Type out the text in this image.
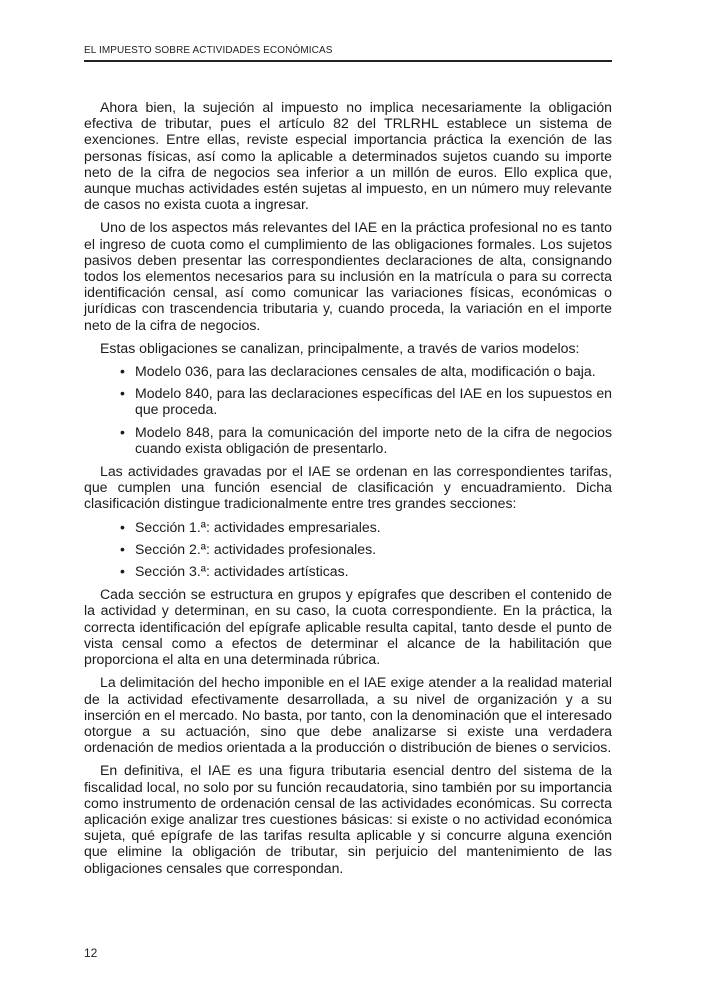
EL IMPUESTO SOBRE ACTIVIDADES ECONÓMICAS

Ahora bien, la sujeción al impuesto no implica necesariamente la obligación efectiva de tributar, pues el artículo 82 del TRLRHL establece un sistema de exenciones. Entre ellas, reviste especial importancia práctica la exención de las personas físicas, así como la aplicable a determinados sujetos cuando su importe neto de la cifra de negocios sea inferior a un millón de euros. Ello explica que, aunque muchas actividades estén sujetas al impuesto, en un número muy relevante de casos no exista cuota a ingresar.

Uno de los aspectos más relevantes del IAE en la práctica profesional no es tanto el ingreso de cuota como el cumplimiento de las obligaciones formales. Los sujetos pasivos deben presentar las correspondientes declaraciones de alta, consignando todos los elementos necesarios para su inclusión en la matrícula o para su correcta identificación censal, así como comunicar las variaciones físicas, económicas o jurídicas con trascendencia tributaria y, cuando proceda, la variación en el importe neto de la cifra de negocios.

Estas obligaciones se canalizan, principalmente, a través de varios modelos:

• Modelo 036, para las declaraciones censales de alta, modificación o baja.
• Modelo 840, para las declaraciones específicas del IAE en los supuestos en que proceda.
• Modelo 848, para la comunicación del importe neto de la cifra de negocios cuando exista obligación de presentarlo.

Las actividades gravadas por el IAE se ordenan en las correspondientes tarifas, que cumplen una función esencial de clasificación y encuadramiento. Dicha clasificación distingue tradicionalmente entre tres grandes secciones:

• Sección 1.ª: actividades empresariales.
• Sección 2.ª: actividades profesionales.
• Sección 3.ª: actividades artísticas.

Cada sección se estructura en grupos y epígrafes que describen el contenido de la actividad y determinan, en su caso, la cuota correspondiente. En la práctica, la correcta identificación del epígrafe aplicable resulta capital, tanto desde el punto de vista censal como a efectos de determinar el alcance de la habilitación que proporciona el alta en una determinada rúbrica.

La delimitación del hecho imponible en el IAE exige atender a la realidad material de la actividad efectivamente desarrollada, a su nivel de organización y a su inserción en el mercado. No basta, por tanto, con la denominación que el interesado otorgue a su actuación, sino que debe analizarse si existe una verdadera ordenación de medios orientada a la producción o distribución de bienes o servicios.

En definitiva, el IAE es una figura tributaria esencial dentro del sistema de la fiscalidad local, no solo por su función recaudatoria, sino también por su importancia como instrumento de ordenación censal de las actividades económicas. Su correcta aplicación exige analizar tres cuestiones básicas: si existe o no actividad económica sujeta, qué epígrafe de las tarifas resulta aplicable y si concurre alguna exención que elimine la obligación de tributar, sin perjuicio del mantenimiento de las obligaciones censales que correspondan.

12
